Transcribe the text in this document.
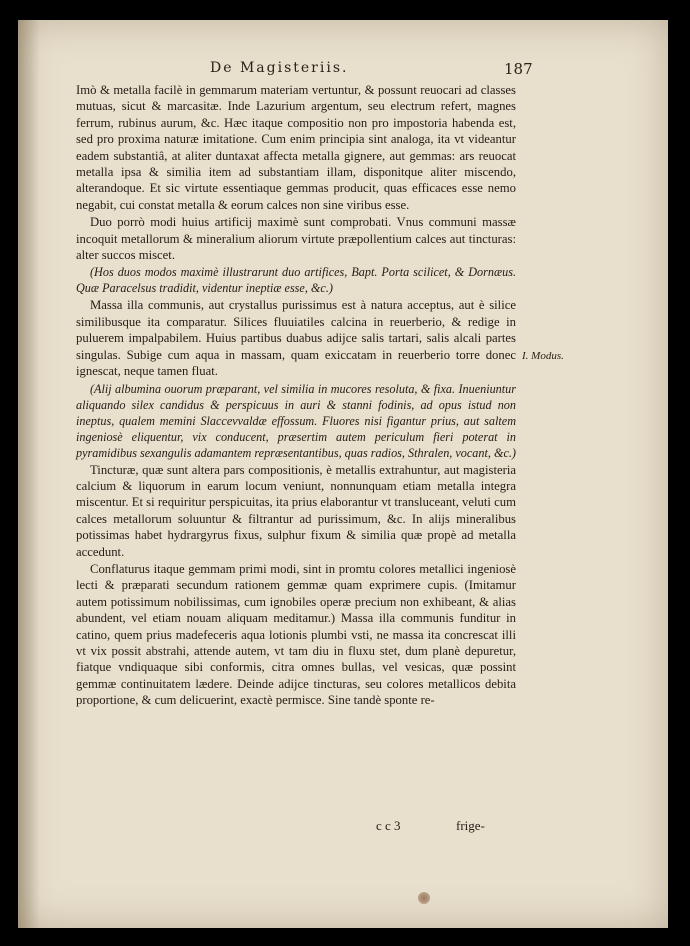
De Magisteriis.	187

Imò & metalla facilè in gemmarum materiam vertuntur, & possunt reuocari ad classes mutuas, sicut & marcasitæ. Inde Lazurium argentum, seu electrum refert, magnes ferrum, rubinus aurum, &c. Hæc itaque compositio non pro impostoria habenda est, sed pro proxima naturæ imitatione. Cum enim principia sint analoga, ita vt videantur eadem substantiâ, at aliter duntaxat affecta metalla gignere, aut gemmas: ars reuocat metalla ipsa & similia item ad substantiam illam, disponitque aliter miscendo, alterandoque. Et sic virtute essentiaque gemmas producit, quas efficaces esse nemo negabit, cui constat metalla & eorum calces non sine viribus esse.

Duo porrò modi huius artificij maximè sunt comprobati. Vnus communi massæ incoquit metallorum & mineralium aliorum virtute præpollentium calces aut tincturas: alter succos miscet.

(Hos duos modos maximè illustrarunt duo artifices, Bapt. Porta scilicet, & Dornæus. Quæ Paracelsus tradidit, videntur ineptiæ esse, &c.)

Massa illa communis, aut crystallus purissimus est à natura acceptus, aut è silice similibusque ita comparatur. Silices fluuiatiles calcina in reuerberio, & redige in puluerem impalpabilem. Huius partibus duabus adijce salis tartari, salis alcali partes singulas. Subige cum aqua in massam, quam exiccatam in reuerberio torre donec ignescat, neque tamen fluat.

(Alij albumina ouorum præparant, vel similia in mucores resoluta, & fixa. Inueniuntur aliquando silex candidus & perspicuus in auri & stanni fodinis, ad opus istud non ineptus, qualem memini Slaccevvaldæ effossum. Fluores nisi figantur prius, aut saltem ingeniosè eliquentur, vix conducent, præsertim autem periculum fieri poterat in pyramidibus sexangulis adamantem repræsentantibus, quas radios, Sthralen, vocant, &c.)

Tincturæ, quæ sunt altera pars compositionis, è metallis extrahuntur, aut magisteria calcium & liquorum in earum locum veniunt, nonnunquam etiam metalla integra miscentur. Et si requiritur perspicuitas, ita prius elaborantur vt transluceant, veluti cum calces metallorum soluuntur & filtrantur ad purissimum, &c. In alijs mineralibus potissimas habet hydrargyrus fixus, sulphur fixum & similia quæ propè ad metalla accedunt.

Conflaturus itaque gemmam primi modi, sint in promtu colores metallici ingeniosè lecti & præparati secundum rationem gemmæ quam exprimere cupis. (Imitamur autem potissimum nobilissimas, cum ignobiles operæ precium non exhibeant, & alias abundent, vel etiam nouam aliquam meditamur.) Massa illa communis funditur in catino, quem prius madefeceris aqua lotionis plumbi vsti, ne massa ita concrescat illi vt vix possit abstrahi, attende autem, vt tam diu in fluxu stet, dum planè depuretur, fiatque vndiquaque sibi conformis, citra omnes bullas, vel vesicas, quæ possint gemmæ continuitatem lædere. Deinde adijce tincturas, seu colores metallicos debita proportione, & cum delicuerint, exactè permisce. Sine tandè sponte re-

I. Modus.
c c 3	frige-
